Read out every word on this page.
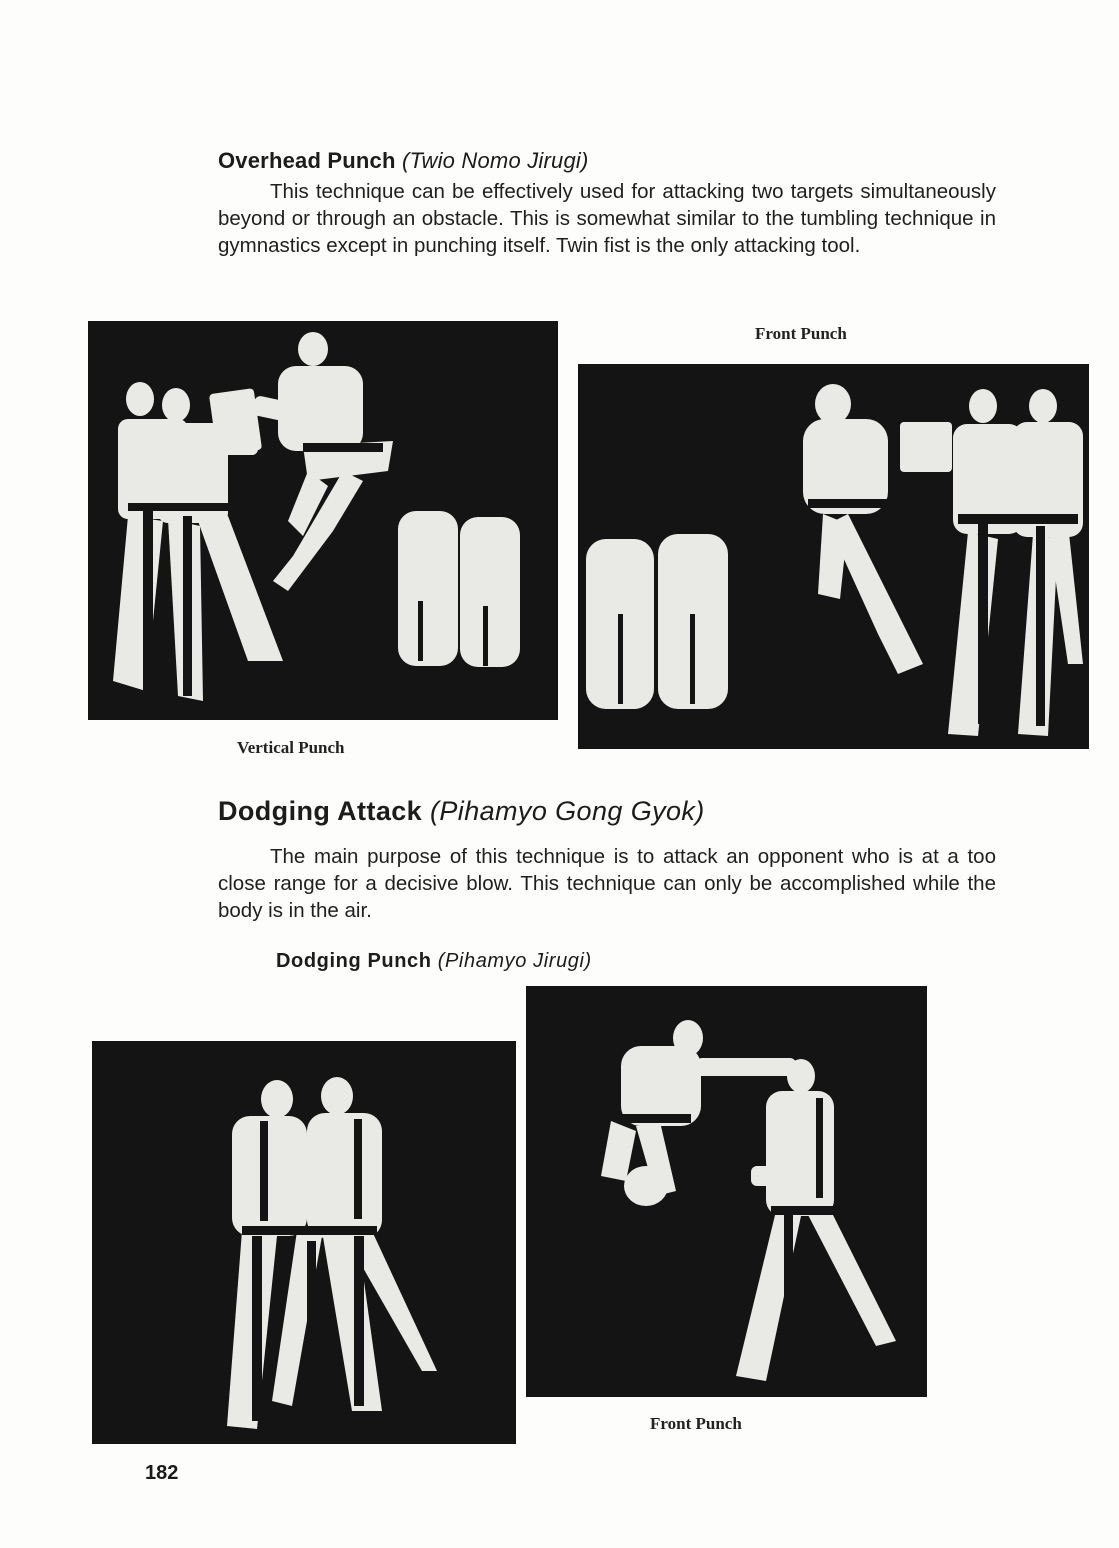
Overhead Punch (Twio Nomo Jirugi)

This technique can be effectively used for attacking two targets simultaneously beyond or through an obstacle. This is somewhat similar to the tumbling technique in gymnastics except in punching itself. Twin fist is the only attacking tool.

Vertical Punch
Front Punch
Dodging Attack (Pihamyo Gong Gyok)

The main purpose of this technique is to attack an opponent who is at a too close range for a decisive blow. This technique can only be accomplished while the body is in the air.

Dodging Punch (Pihamyo Jirugi)
Front Punch
182
